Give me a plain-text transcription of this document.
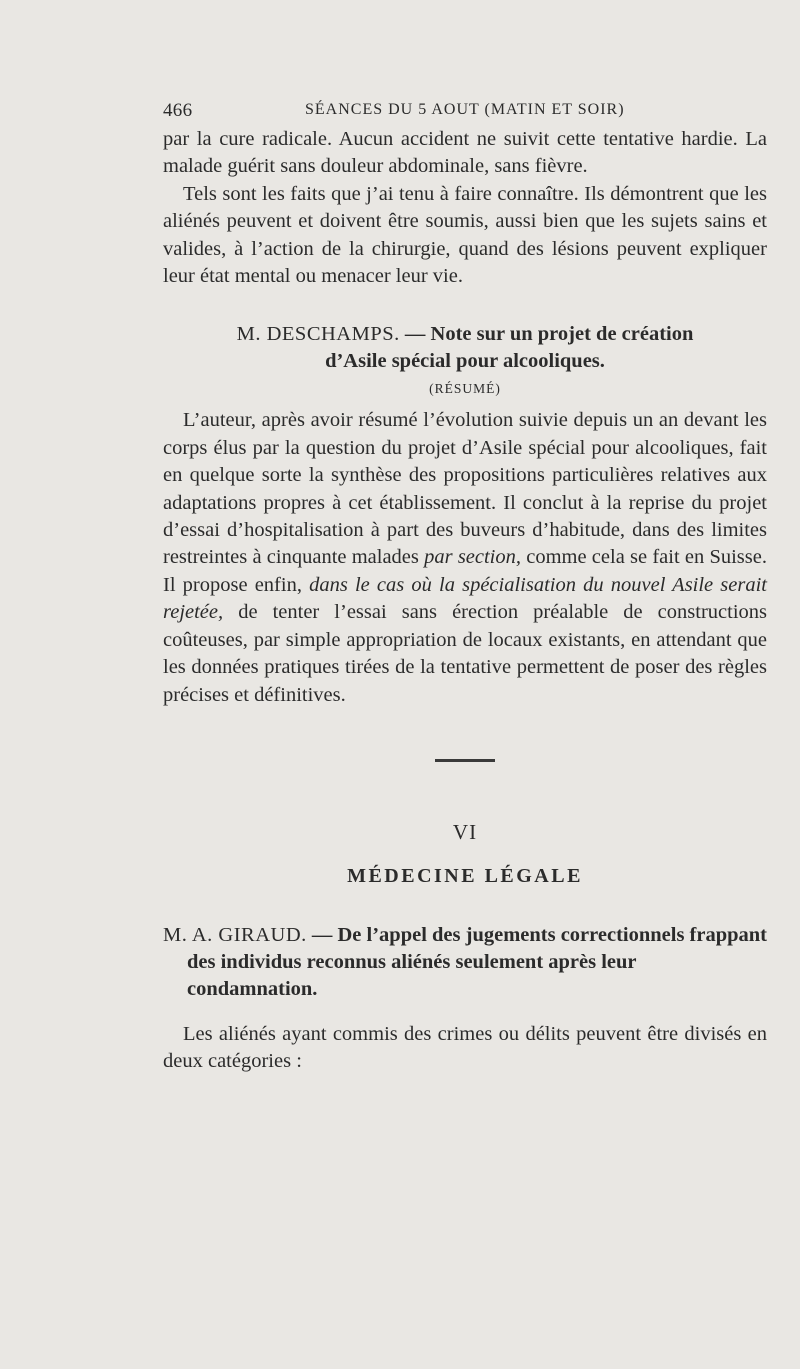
466	SÉANCES DU 5 AOUT (MATIN ET SOIR)

par la cure radicale. Aucun accident ne suivit cette tentative hardie. La malade guérit sans douleur abdominale, sans fièvre.

Tels sont les faits que j’ai tenu à faire connaître. Ils démontrent que les aliénés peuvent et doivent être soumis, aussi bien que les sujets sains et valides, à l’action de la chirurgie, quand des lésions peuvent expliquer leur état mental ou menacer leur vie.

M. DESCHAMPS. — Note sur un projet de création
d’Asile spécial pour alcooliques.
(RÉSUMÉ)

L’auteur, après avoir résumé l’évolution suivie depuis un an devant les corps élus par la question du projet d’Asile spécial pour alcooliques, fait en quelque sorte la synthèse des propositions particulières relatives aux adaptations propres à cet établissement. Il conclut à la reprise du projet d’essai d’hospitalisation à part des buveurs d’habitude, dans des limites restreintes à cinquante malades par section, comme cela se fait en Suisse. Il propose enfin, dans le cas où la spécialisation du nouvel Asile serait rejetée, de tenter l’essai sans érection préalable de constructions coûteuses, par simple appropriation de locaux existants, en attendant que les données pratiques tirées de la tentative permettent de poser des règles précises et définitives.

VI
MÉDECINE LÉGALE
M. A. GIRAUD. — De l’appel des jugements correctionnels frappant des individus reconnus aliénés seulement après leur condamnation.

Les aliénés ayant commis des crimes ou délits peuvent être divisés en deux catégories :
